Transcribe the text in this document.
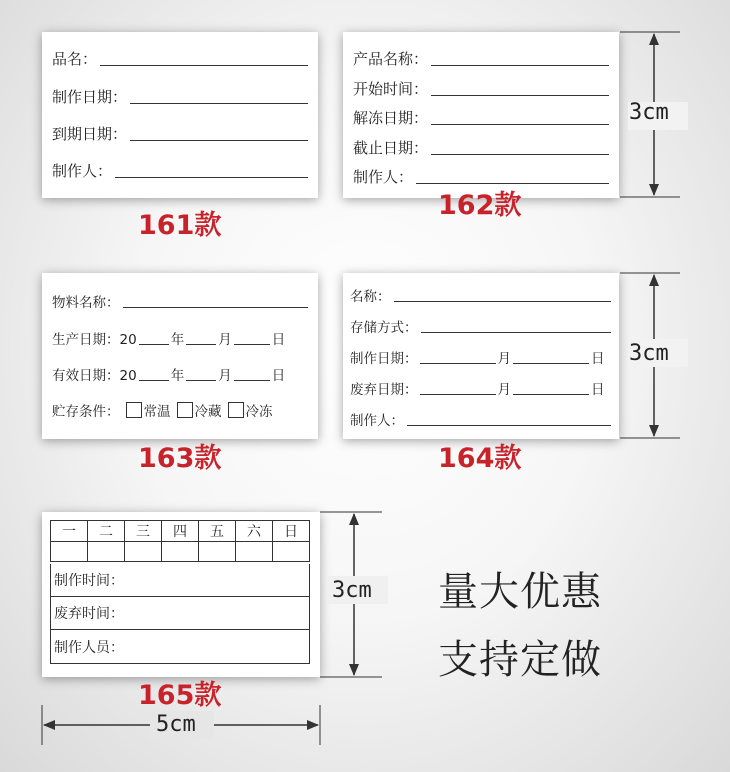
品名：
制作日期：
到期日期：
制作人：
161款
产品名称：
开始时间：
解冻日期：
截止日期：
制作人：
162款
3cm
物料名称：
生产日期：20	年	月	日
有效日期：20	年	月	日
贮存条件： 常温 冷藏 冷冻
163款
名称：
存储方式：
制作日期：	月	日
废弃日期：	月	日
制作人：
164款
3cm
一	二	三	四	五	六	日

制作时间：
废弃时间：
制作人员：
165款
3cm
5cm
量大优惠
支持定做
